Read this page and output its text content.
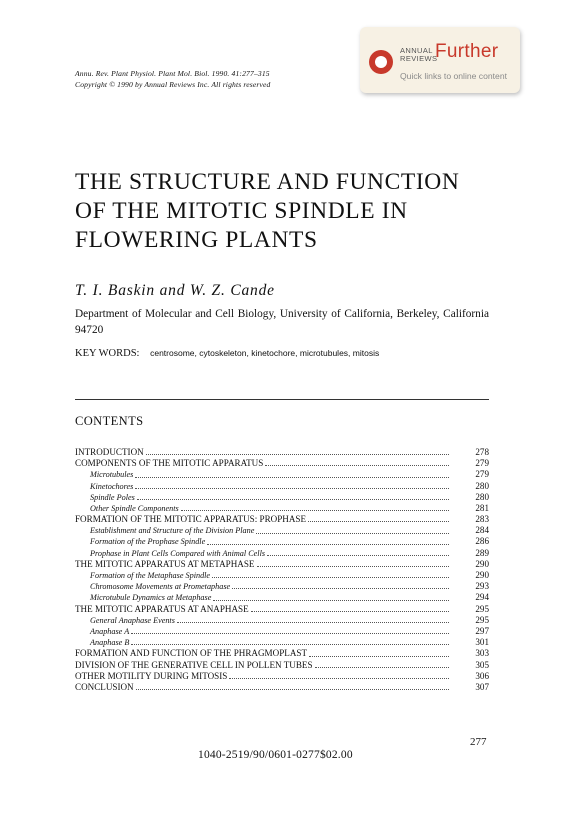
Annu. Rev. Plant Physiol. Plant Mol. Biol. 1990. 41:277–315
Copyright © 1990 by Annual Reviews Inc. All rights reserved
ANNUAL
REVIEWS
Further
Quick links to online content
THE STRUCTURE AND FUNCTION
OF THE MITOTIC SPINDLE IN
FLOWERING PLANTS
T. I. Baskin and W. Z. Cande
Department of Molecular and Cell Biology, University of California, Berkeley, California 94720
KEY WORDS: centrosome, cytoskeleton, kinetochore, microtubules, mitosis
CONTENTS
INTRODUCTION	278
COMPONENTS OF THE MITOTIC APPARATUS	279
Microtubules	279
Kinetochores	280
Spindle Poles	280
Other Spindle Components	281
FORMATION OF THE MITOTIC APPARATUS: PROPHASE	283
Establishment and Structure of the Division Plane	284
Formation of the Prophase Spindle	286
Prophase in Plant Cells Compared with Animal Cells	289
THE MITOTIC APPARATUS AT METAPHASE	290
Formation of the Metaphase Spindle	290
Chromosome Movements at Prometaphase	293
Microtubule Dynamics at Metaphase	294
THE MITOTIC APPARATUS AT ANAPHASE	295
General Anaphase Events	295
Anaphase A	297
Anaphase B	301
FORMATION AND FUNCTION OF THE PHRAGMOPLAST	303
DIVISION OF THE GENERATIVE CELL IN POLLEN TUBES	305
OTHER MOTILITY DURING MITOSIS	306
CONCLUSION	307
277
1040-2519/90/0601-0277$02.00
